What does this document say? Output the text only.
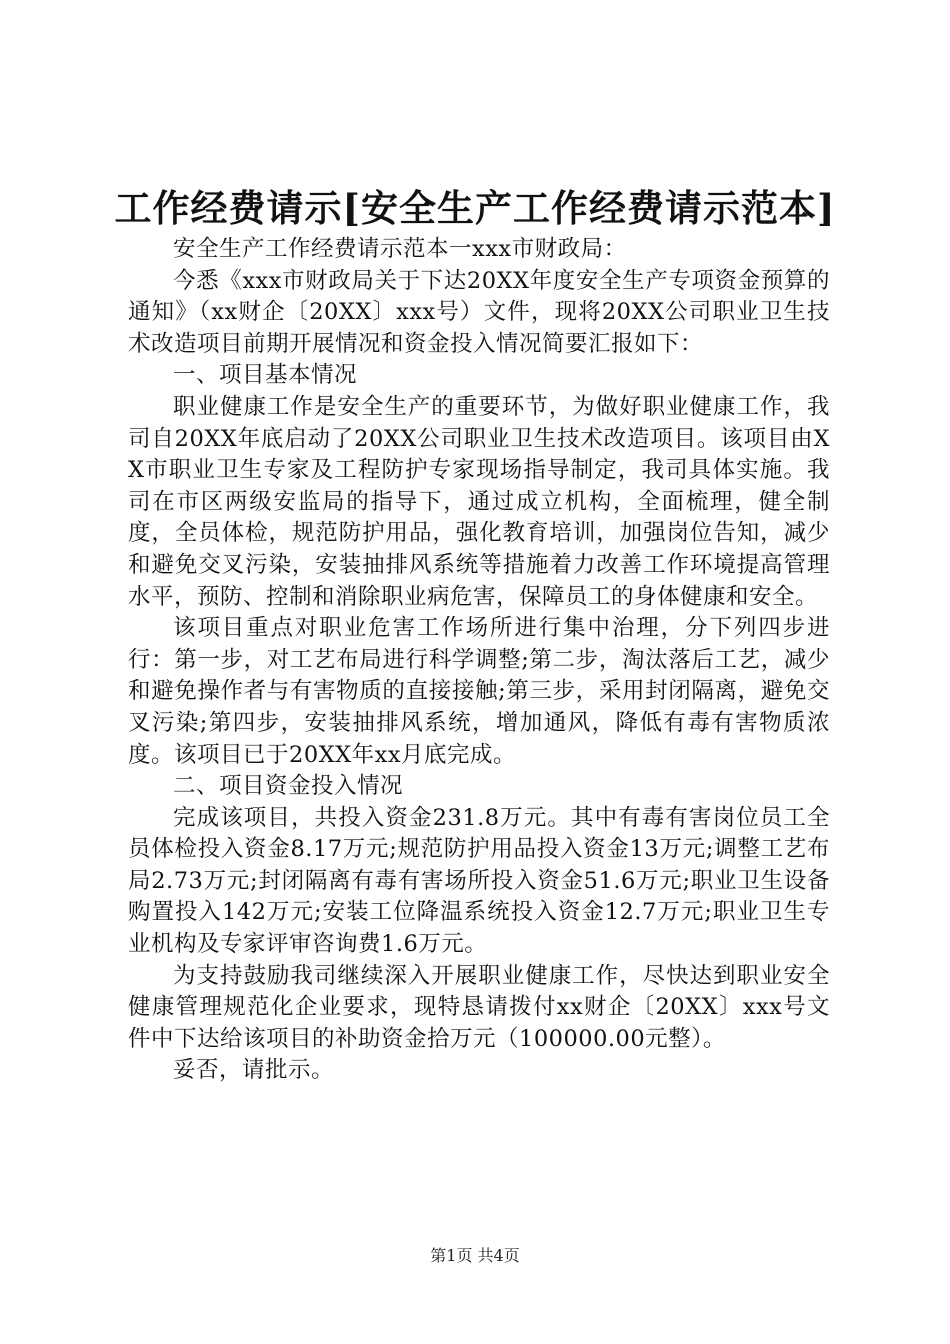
工作经费请示[安全生产工作经费请示范本]

安全生产工作经费请示范本一xxx市财政局：

今悉《xxx市财政局关于下达20XX年度安全生产专项资金预算的通知》（xx财企〔20XX〕xxx号）文件，现将20XX公司职业卫生技术改造项目前期开展情况和资金投入情况简要汇报如下：

一、项目基本情况

职业健康工作是安全生产的重要环节，为做好职业健康工作，我司自20XX年底启动了20XX公司职业卫生技术改造项目。该项目由XX市职业卫生专家及工程防护专家现场指导制定，我司具体实施。我司在市区两级安监局的指导下，通过成立机构，全面梳理，健全制度，全员体检，规范防护用品，强化教育培训，加强岗位告知，减少和避免交叉污染，安装抽排风系统等措施着力改善工作环境提高管理水平，预防、控制和消除职业病危害，保障员工的身体健康和安全。

该项目重点对职业危害工作场所进行集中治理，分下列四步进行：第一步，对工艺布局进行科学调整;第二步，淘汰落后工艺，减少和避免操作者与有害物质的直接接触;第三步，采用封闭隔离，避免交叉污染;第四步，安装抽排风系统，增加通风，降低有毒有害物质浓度。该项目已于20XX年xx月底完成。

二、项目资金投入情况

完成该项目，共投入资金231.8万元。其中有毒有害岗位员工全员体检投入资金8.17万元;规范防护用品投入资金13万元;调整工艺布局2.73万元;封闭隔离有毒有害场所投入资金51.6万元;职业卫生设备购置投入142万元;安装工位降温系统投入资金12.7万元;职业卫生专业机构及专家评审咨询费1.6万元。

为支持鼓励我司继续深入开展职业健康工作，尽快达到职业安全健康管理规范化企业要求，现特恳请拨付xx财企〔20XX〕xxx号文件中下达给该项目的补助资金拾万元（100000.00元整）。

妥否，请批示。

第1页 共4页
